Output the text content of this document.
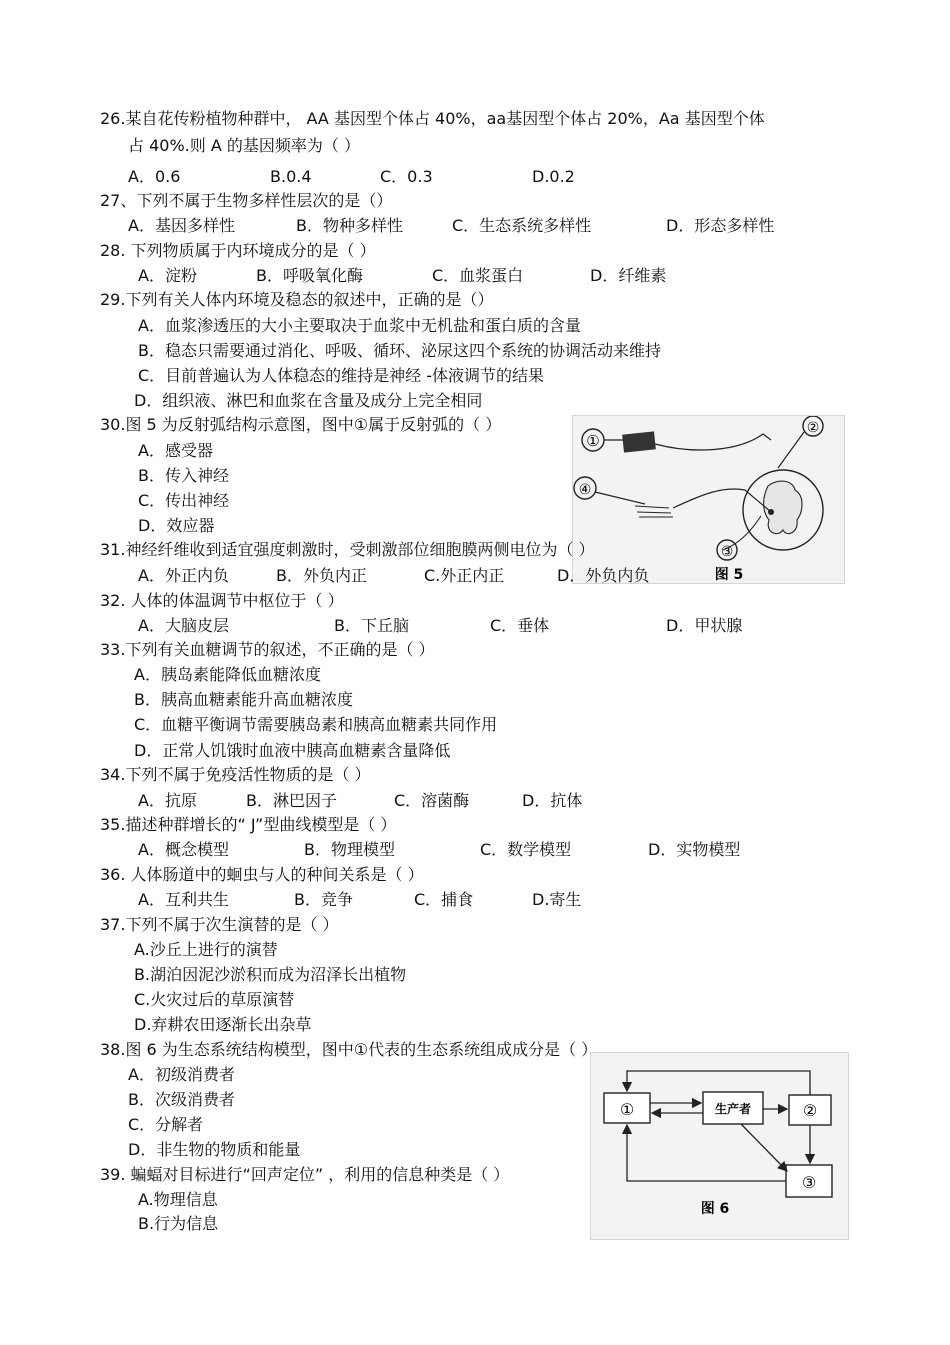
①
②
④
③
图 5
①	生产者	②
③
图 6
26.某自花传粉植物种群中， AA 基因型个体占 40%，aa基因型个体占 20%，Aa 基因型个体
占 40%.则 A 的基因频率为（ ）
A．0.6	B.0.4	C．0.3	D.0.2
27、下列不属于生物多样性层次的是（）
A．基因多样性	B．物种多样性	C．生态系统多样性	D．形态多样性
28. 下列物质属于内环境成分的是（ ）
A．淀粉	B．呼吸氧化酶	C．血浆蛋白	D．纤维素
29.下列有关人体内环境及稳态的叙述中，正确的是（）
A．血浆渗透压的大小主要取决于血浆中无机盐和蛋白质的含量
B．稳态只需要通过消化、呼吸、循环、泌尿这四个系统的协调活动来维持
C．目前普遍认为人体稳态的维持是神经 -体液调节的结果
D．组织液、淋巴和血浆在含量及成分上完全相同
30.图 5 为反射弧结构示意图，图中①属于反射弧的（ ）
A．感受器
B．传入神经
C．传出神经
D．效应器
31.神经纤维收到适宜强度刺激时，受刺激部位细胞膜两侧电位为（ ）
A．外正内负	B．外负内正	C.外正内正	D．外负内负
32. 人体的体温调节中枢位于（ ）
A．大脑皮层	B．下丘脑	C．垂体	D．甲状腺
33.下列有关血糖调节的叙述，不正确的是（ ）
A．胰岛素能降低血糖浓度
B．胰高血糖素能升高血糖浓度
C．血糖平衡调节需要胰岛素和胰高血糖素共同作用
D．正常人饥饿时血液中胰高血糖素含量降低
34.下列不属于免疫活性物质的是（ ）
A．抗原	B．淋巴因子	C．溶菌酶	D．抗体
35.描述种群增长的“ J”型曲线模型是（ ）
A．概念模型	B．物理模型	C．数学模型	D．实物模型
36. 人体肠道中的蛔虫与人的种间关系是（ ）
A．互利共生	B．竞争	C．捕食	D.寄生
37.下列不属于次生演替的是（ ）
A.沙丘上进行的演替
B.湖泊因泥沙淤积而成为沼泽长出植物
C.火灾过后的草原演替
D.弃耕农田逐渐长出杂草
38.图 6 为生态系统结构模型，图中①代表的生态系统组成成分是（ ）
A．初级消费者
B．次级消费者
C．分解者
D．非生物的物质和能量
39. 蝙蝠对目标进行“回声定位” ，利用的信息种类是（ ）
A.物理信息
B.行为信息
